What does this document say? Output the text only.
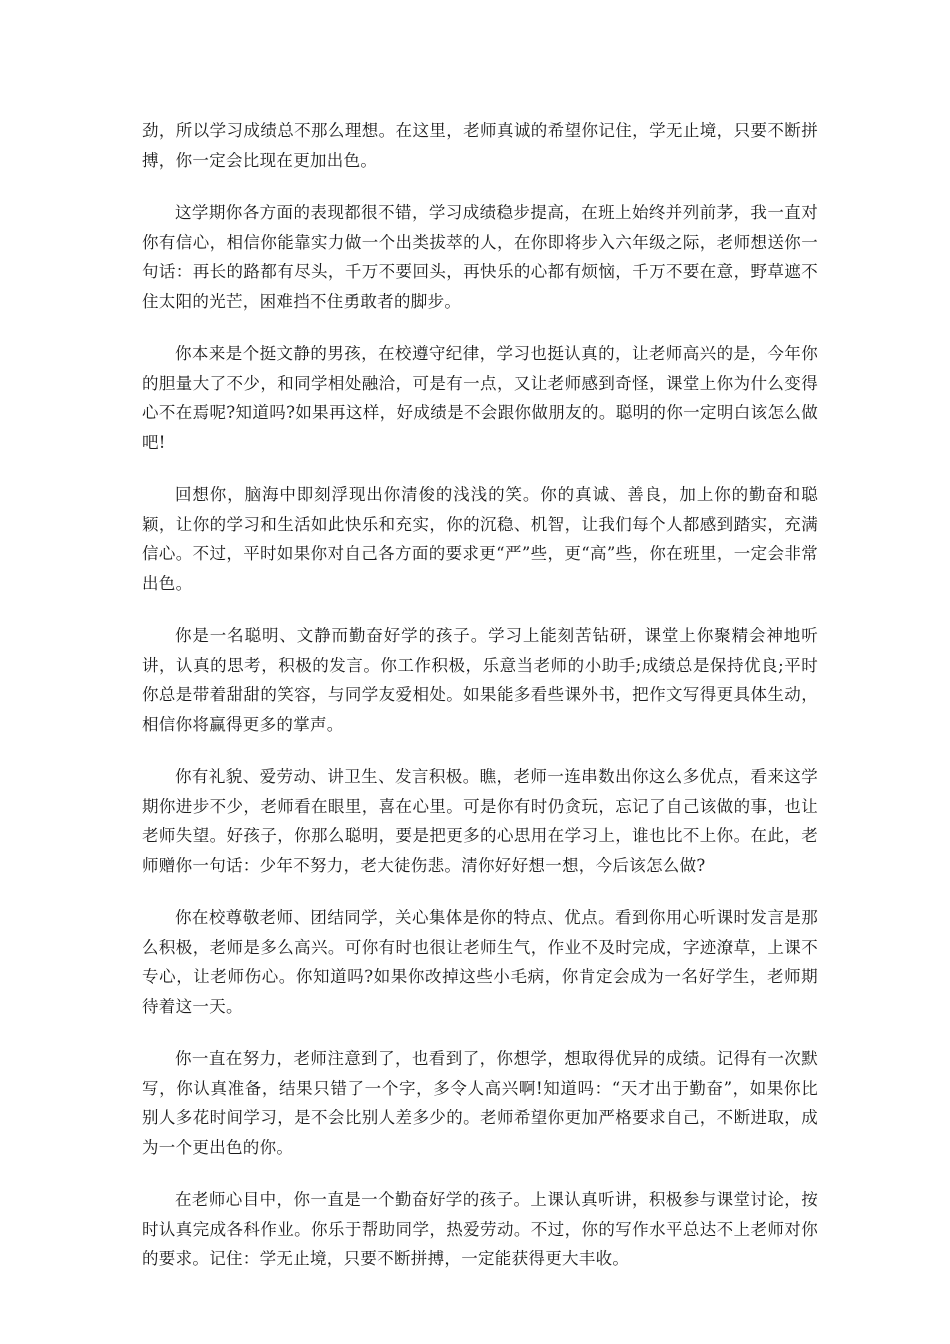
劲，所以学习成绩总不那么理想。在这里，老师真诚的希望你记住，学无止境，只要不断拼搏，你一定会比现在更加出色。

这学期你各方面的表现都很不错，学习成绩稳步提高，在班上始终并列前茅，我一直对你有信心，相信你能靠实力做一个出类拔萃的人，在你即将步入六年级之际，老师想送你一句话：再长的路都有尽头，千万不要回头，再快乐的心都有烦恼，千万不要在意，野草遮不住太阳的光芒，困难挡不住勇敢者的脚步。

你本来是个挺文静的男孩，在校遵守纪律，学习也挺认真的，让老师高兴的是，今年你的胆量大了不少，和同学相处融洽，可是有一点，又让老师感到奇怪，课堂上你为什么变得心不在焉呢?知道吗?如果再这样，好成绩是不会跟你做朋友的。聪明的你一定明白该怎么做吧!

回想你，脑海中即刻浮现出你清俊的浅浅的笑。你的真诚、善良，加上你的勤奋和聪颖，让你的学习和生活如此快乐和充实，你的沉稳、机智，让我们每个人都感到踏实，充满信心。不过，平时如果你对自己各方面的要求更“严”些，更“高”些，你在班里，一定会非常出色。

你是一名聪明、文静而勤奋好学的孩子。学习上能刻苦钻研，课堂上你聚精会神地听讲，认真的思考，积极的发言。你工作积极，乐意当老师的小助手;成绩总是保持优良;平时你总是带着甜甜的笑容，与同学友爱相处。如果能多看些课外书，把作文写得更具体生动，相信你将赢得更多的掌声。

你有礼貌、爱劳动、讲卫生、发言积极。瞧，老师一连串数出你这么多优点，看来这学期你进步不少，老师看在眼里，喜在心里。可是你有时仍贪玩，忘记了自己该做的事，也让老师失望。好孩子，你那么聪明，要是把更多的心思用在学习上，谁也比不上你。在此，老师赠你一句话：少年不努力，老大徒伤悲。清你好好想一想，今后该怎么做?

你在校尊敬老师、团结同学，关心集体是你的特点、优点。看到你用心听课时发言是那么积极，老师是多么高兴。可你有时也很让老师生气，作业不及时完成，字迹潦草，上课不专心，让老师伤心。你知道吗?如果你改掉这些小毛病，你肯定会成为一名好学生，老师期待着这一天。

你一直在努力，老师注意到了，也看到了，你想学，想取得优异的成绩。记得有一次默写，你认真准备，结果只错了一个字，多令人高兴啊!知道吗：“天才出于勤奋”，如果你比别人多花时间学习，是不会比别人差多少的。老师希望你更加严格要求自己，不断进取，成为一个更出色的你。

在老师心目中，你一直是一个勤奋好学的孩子。上课认真听讲，积极参与课堂讨论，按时认真完成各科作业。你乐于帮助同学，热爱劳动。不过，你的写作水平总达不上老师对你的要求。记住：学无止境，只要不断拼搏，一定能获得更大丰收。
